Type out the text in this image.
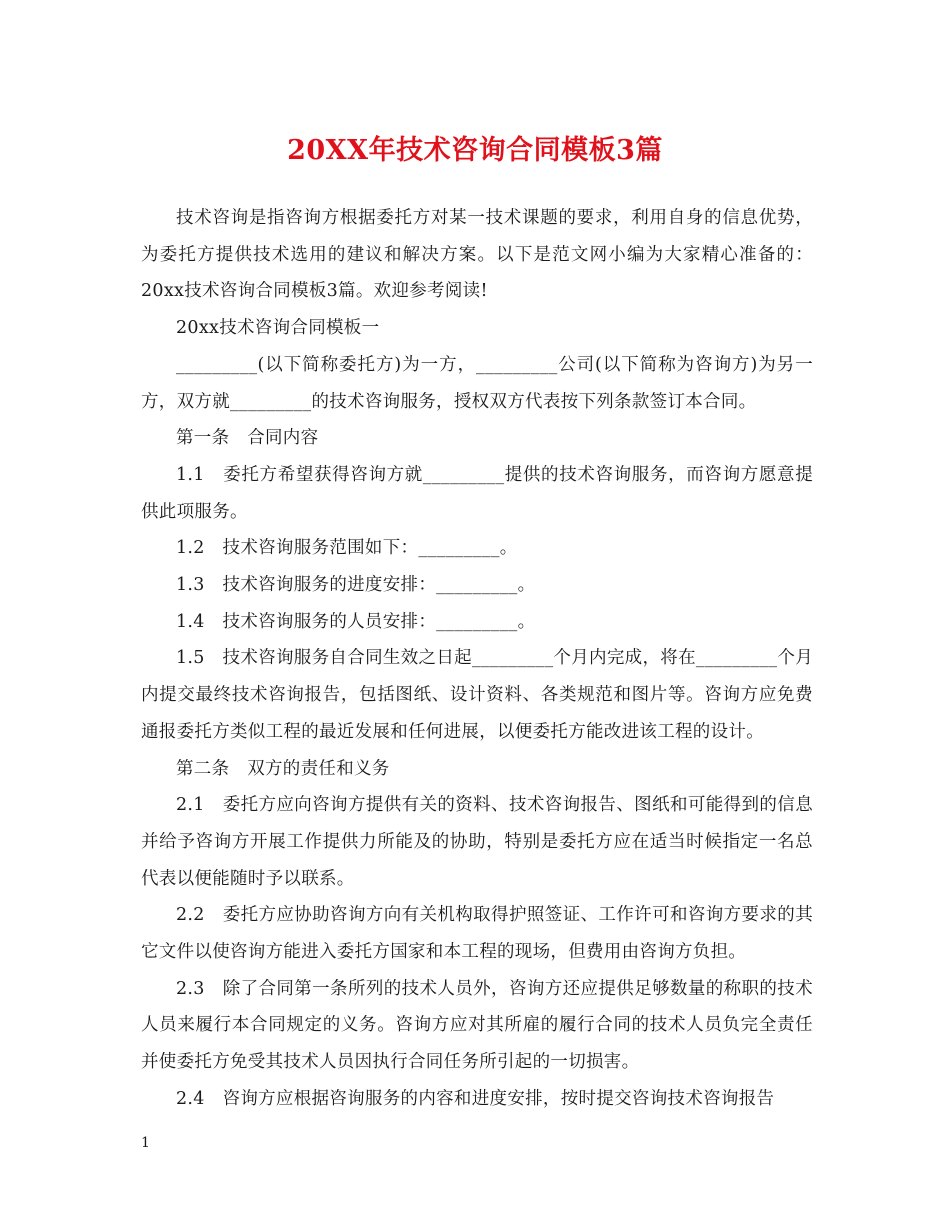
20XX年技术咨询合同模板3篇

技术咨询是指咨询方根据委托方对某一技术课题的要求，利用自身的信息优势，为委托方提供技术选用的建议和解决方案。以下是范文网小编为大家精心准备的：20xx技术咨询合同模板3篇。欢迎参考阅读!

20xx技术咨询合同模板一

_________(以下简称委托方)为一方，_________公司(以下简称为咨询方)为另一方，双方就_________的技术咨询服务，授权双方代表按下列条款签订本合同。

第一条　合同内容

1.1　委托方希望获得咨询方就_________提供的技术咨询服务，而咨询方愿意提供此项服务。

1.2　技术咨询服务范围如下：_________。

1.3　技术咨询服务的进度安排：_________。

1.4　技术咨询服务的人员安排：_________。

1.5　技术咨询服务自合同生效之日起_________个月内完成，将在_________个月内提交最终技术咨询报告，包括图纸、设计资料、各类规范和图片等。咨询方应免费通报委托方类似工程的最近发展和任何进展，以便委托方能改进该工程的设计。

第二条　双方的责任和义务

2.1　委托方应向咨询方提供有关的资料、技术咨询报告、图纸和可能得到的信息并给予咨询方开展工作提供力所能及的协助，特别是委托方应在适当时候指定一名总代表以便能随时予以联系。

2.2　委托方应协助咨询方向有关机构取得护照签证、工作许可和咨询方要求的其它文件以使咨询方能进入委托方国家和本工程的现场，但费用由咨询方负担。

2.3　除了合同第一条所列的技术人员外，咨询方还应提供足够数量的称职的技术人员来履行本合同规定的义务。咨询方应对其所雇的履行合同的技术人员负完全责任并使委托方免受其技术人员因执行合同任务所引起的一切损害。

2.4　咨询方应根据咨询服务的内容和进度安排，按时提交咨询技术咨询报告

1
